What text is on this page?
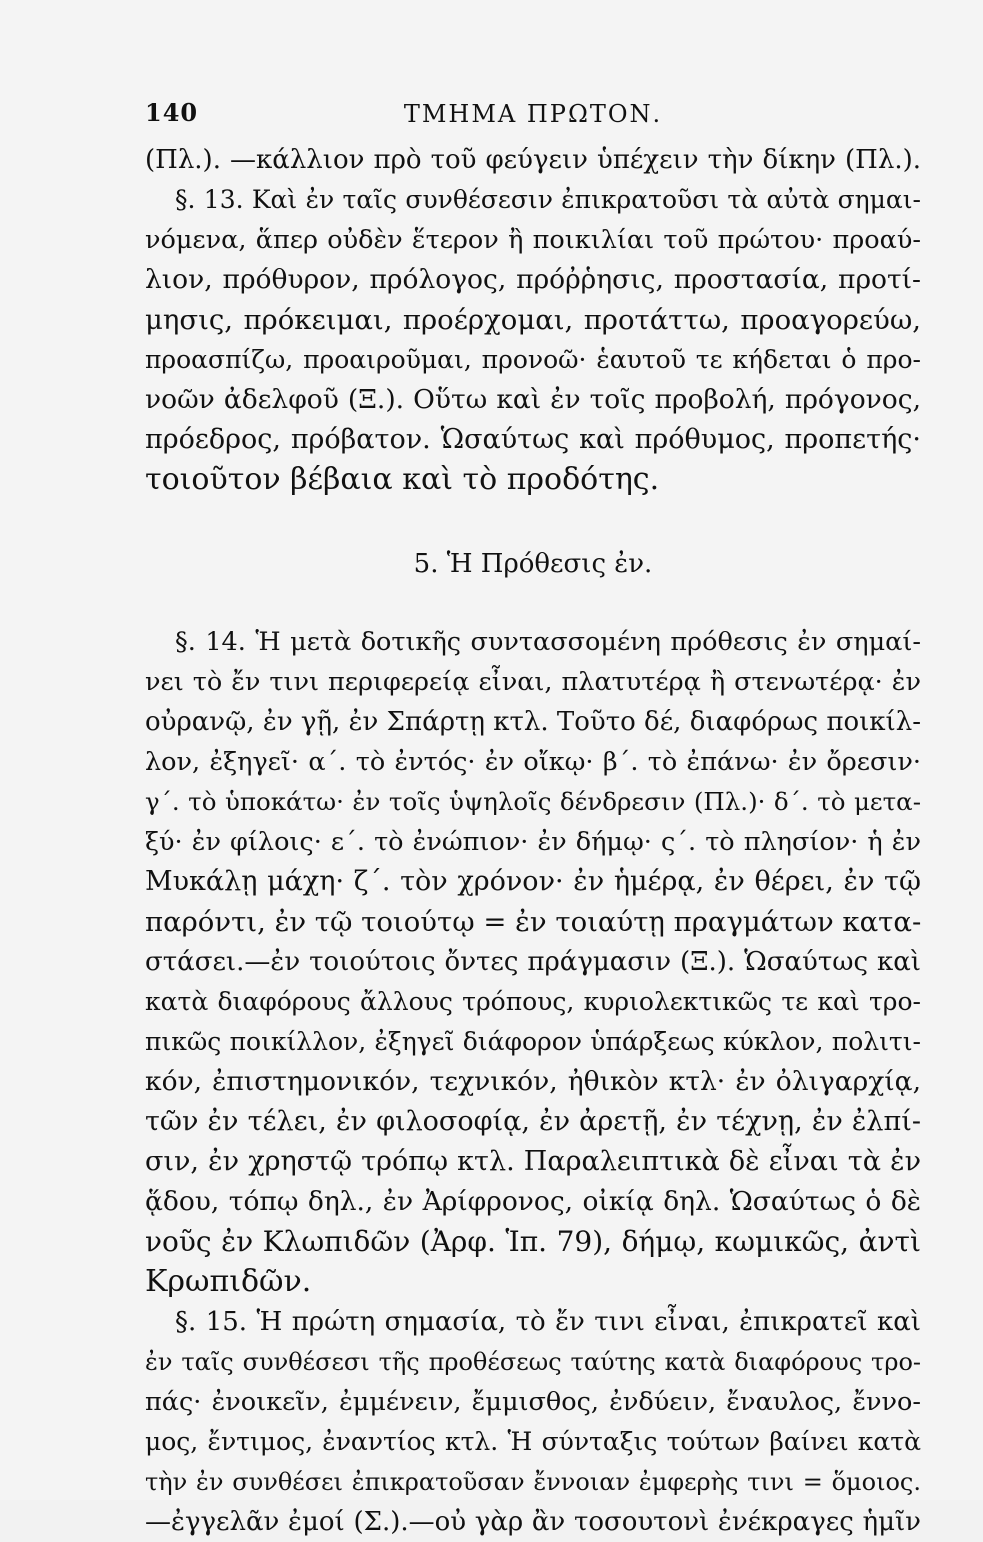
140	ΤΜΗΜΑ ΠΡΩΤΟΝ.
(Πλ.). —κάλλιον πρὸ τοῦ φεύγειν ὑπέχειν τὴν δίκην (Πλ.).
§. 13. Καὶ ἐν ταῖς συνθέσεσιν ἐπικρατοῦσι τὰ αὐτὰ σημαι-
νόμενα, ἅπερ οὐδὲν ἕτερον ἢ ποικιλίαι τοῦ πρώτου· προαύ-
λιον, πρόθυρον, πρόλογος, πρόῤῥησις, προστασία, προτί-
μησις, πρόκειμαι, προέρχομαι, προτάττω, προαγορεύω,
προασπίζω, προαιροῦμαι, προνοῶ· ἑαυτοῦ τε κήδεται ὁ προ-
νοῶν ἀδελφοῦ (Ξ.). Οὕτω καὶ ἐν τοῖς προβολή, πρόγονος,
πρόεδρος, πρόβατον. Ὡσαύτως καὶ πρόθυμος, προπετής·
τοιοῦτον βέβαια καὶ τὸ προδότης.
5. Ἡ Πρόθεσις ἐν.
§. 14. Ἡ μετὰ δοτικῆς συντασσομένη πρόθεσις ἐν σημαί-
νει τὸ ἔν τινι περιφερείᾳ εἶναι, πλατυτέρᾳ ἢ στενωτέρᾳ· ἐν
οὐρανῷ, ἐν γῇ, ἐν Σπάρτῃ κτλ. Τοῦτο δέ, διαφόρως ποικίλ-
λον, ἐξηγεῖ· α΄. τὸ ἐντός· ἐν οἴκῳ· β΄. τὸ ἐπάνω· ἐν ὄρεσιν·
γ΄. τὸ ὑποκάτω· ἐν τοῖς ὑψηλοῖς δένδρεσιν (Πλ.)· δ΄. τὸ μετα-
ξύ· ἐν φίλοις· ε΄. τὸ ἐνώπιον· ἐν δήμῳ· ς΄. τὸ πλησίον· ἡ ἐν
Μυκάλῃ μάχη· ζ΄. τὸν χρόνον· ἐν ἡμέρᾳ, ἐν θέρει, ἐν τῷ
παρόντι, ἐν τῷ τοιούτῳ = ἐν τοιαύτῃ πραγμάτων κατα-
στάσει.—ἐν τοιούτοις ὄντες πράγμασιν (Ξ.). Ὡσαύτως καὶ
κατὰ διαφόρους ἄλλους τρόπους, κυριολεκτικῶς τε καὶ τρο-
πικῶς ποικίλλον, ἐξηγεῖ διάφορον ὑπάρξεως κύκλον, πολιτι-
κόν, ἐπιστημονικόν, τεχνικόν, ἠθικὸν κτλ· ἐν ὀλιγαρχίᾳ,
τῶν ἐν τέλει, ἐν φιλοσοφίᾳ, ἐν ἀρετῇ, ἐν τέχνῃ, ἐν ἐλπί-
σιν, ἐν χρηστῷ τρόπῳ κτλ. Παραλειπτικὰ δὲ εἶναι τὰ ἐν
ᾅδου, τόπῳ δηλ., ἐν Ἀρίφρονος, οἰκίᾳ δηλ. Ὡσαύτως ὁ δὲ
νοῦς ἐν Κλωπιδῶν (Ἀρφ. Ἱπ. 79), δήμῳ, κωμικῶς, ἀντὶ
Κρωπιδῶν.
§. 15. Ἡ πρώτη σημασία, τὸ ἔν τινι εἶναι, ἐπικρατεῖ καὶ
ἐν ταῖς συνθέσεσι τῆς προθέσεως ταύτης κατὰ διαφόρους τρο-
πάς· ἐνοικεῖν, ἐμμένειν, ἔμμισθος, ἐνδύειν, ἔναυλος, ἔννο-
μος, ἔντιμος, ἐναντίος κτλ. Ἡ σύνταξις τούτων βαίνει κατὰ
τὴν ἐν συνθέσει ἐπικρατοῦσαν ἔννοιαν ἐμφερὴς τινι = ὅμοιος.
—ἐγγελᾶν ἐμοί (Σ.).—οὐ γὰρ ἂν τοσουτονὶ ἐνέκραγες ἡμῖν
